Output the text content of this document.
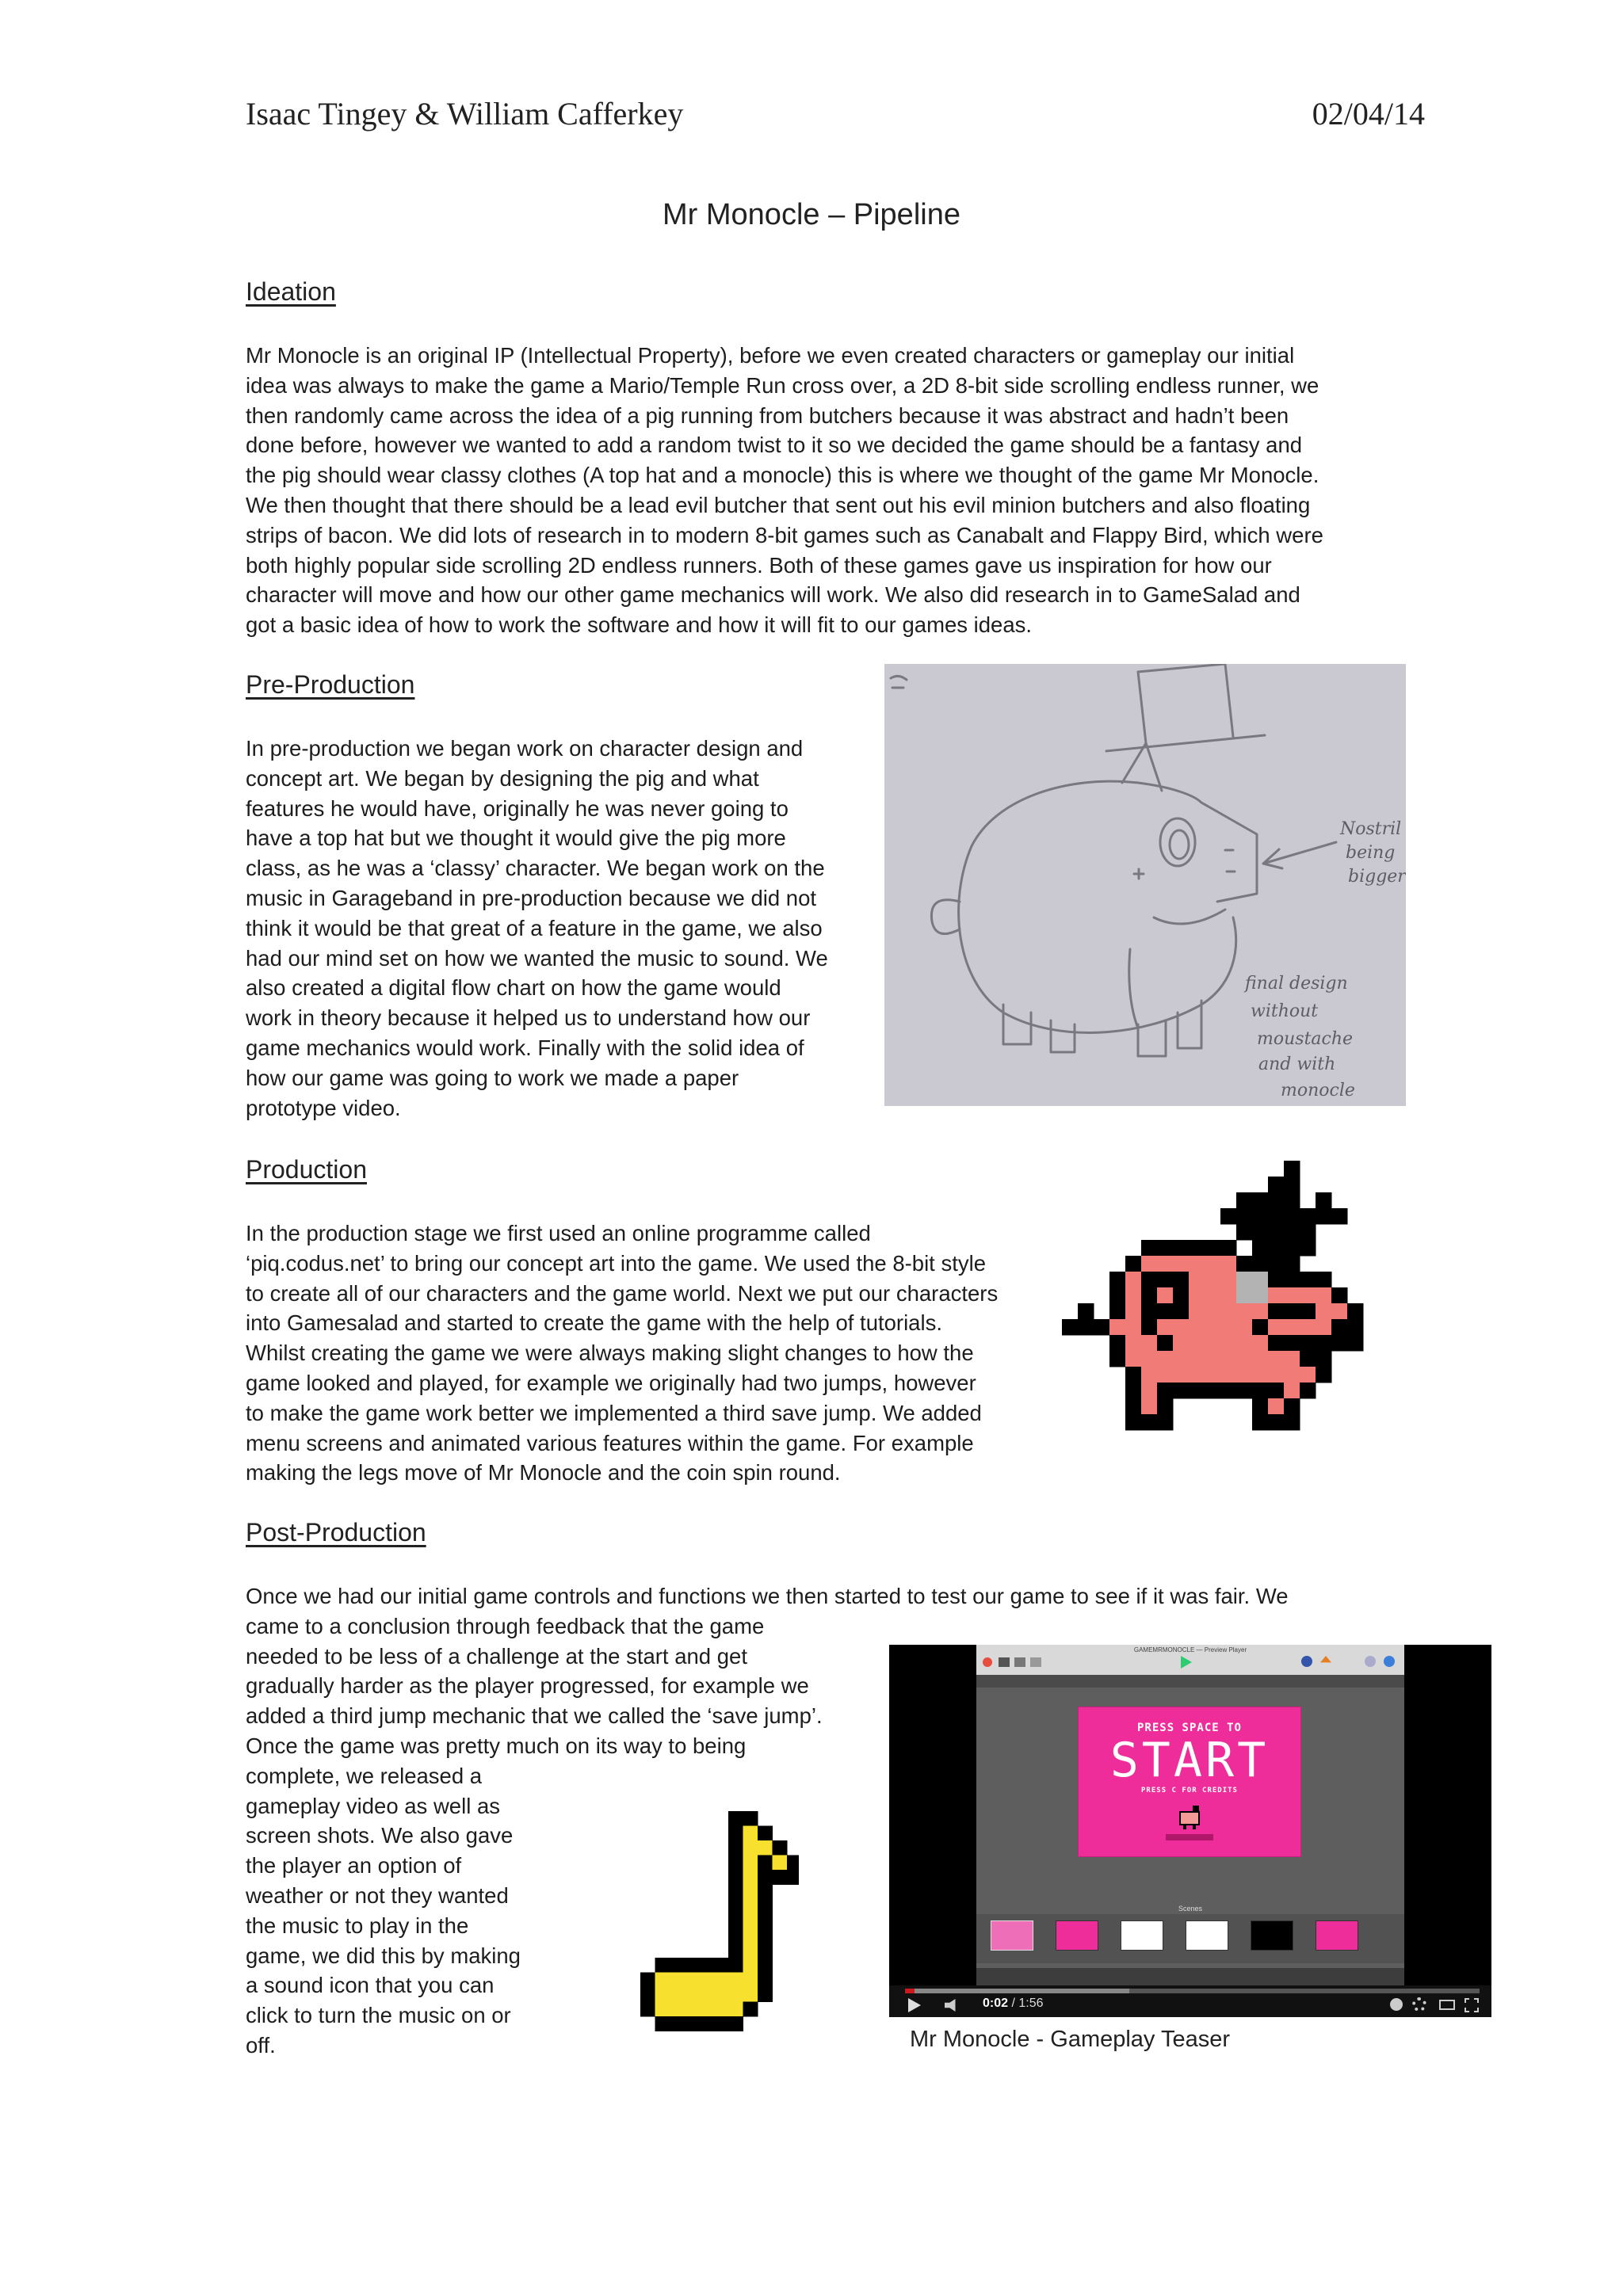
Isaac Tingey & William Cafferkey	02/04/14
Mr Monocle – Pipeline
Ideation
Mr Monocle is an original IP (Intellectual Property), before we even created characters or gameplay our initial
idea was always to make the game a Mario/Temple Run cross over, a 2D 8-bit side scrolling endless runner, we
then randomly came across the idea of a pig running from butchers because it was abstract and hadn’t been
done before, however we wanted to add a random twist to it so we decided the game should be a fantasy and
the pig should wear classy clothes (A top hat and a monocle) this is where we thought of the game Mr Monocle.
We then thought that there should be a lead evil butcher that sent out his evil minion butchers and also floating
strips of bacon. We did lots of research in to modern 8-bit games such as Canabalt and Flappy Bird, which were
both highly popular side scrolling 2D endless runners. Both of these games gave us inspiration for how our
character will move and how our other game mechanics will work. We also did research in to GameSalad and
got a basic idea of how to work the software and how it will fit to our games ideas.
Pre-Production
In pre-production we began work on character design and
concept art. We began by designing the pig and what
features he would have, originally he was never going to
have a top hat but we thought it would give the pig more
class, as he was a ‘classy’ character. We began work on the
music in Garageband in pre-production because we did not
think it would be that great of a feature in the game, we also
had our mind set on how we wanted the music to sound. We
also created a digital flow chart on how the game would
work in theory because it helped us to understand how our
game mechanics would work. Finally with the solid idea of
how our game was going to work we made a paper
prototype video.
Nostril
being
bigger
final design
without
moustache
and with
monocle
Production
In the production stage we first used an online programme called
‘piq.codus.net’ to bring our concept art into the game. We used the 8-bit style
to create all of our characters and the game world. Next we put our characters
into Gamesalad and started to create the game with the help of tutorials.
Whilst creating the game we were always making slight changes to how the
game looked and played, for example we originally had two jumps, however
to make the game work better we implemented a third save jump. We added
menu screens and animated various features within the game. For example
making the legs move of Mr Monocle and the coin spin round.
Post-Production
Once we had our initial game controls and functions we then started to test our game to see if it was fair. We
came to a conclusion through feedback that the game
needed to be less of a challenge at the start and get
gradually harder as the player progressed, for example we
added a third jump mechanic that we called the ‘save jump’.
Once the game was pretty much on its way to being
complete, we released a
gameplay video as well as
screen shots. We also gave
the player an option of
weather or not they wanted
the music to play in the
game, we did this by making
a sound icon that you can
click to turn the music on or
off.
GAMEMRMONOCLE — Preview Player
PRESS SPACE TO
START
PRESS C FOR CREDITS
Scenes
0:02 / 1:56
Mr Monocle - Gameplay Teaser
